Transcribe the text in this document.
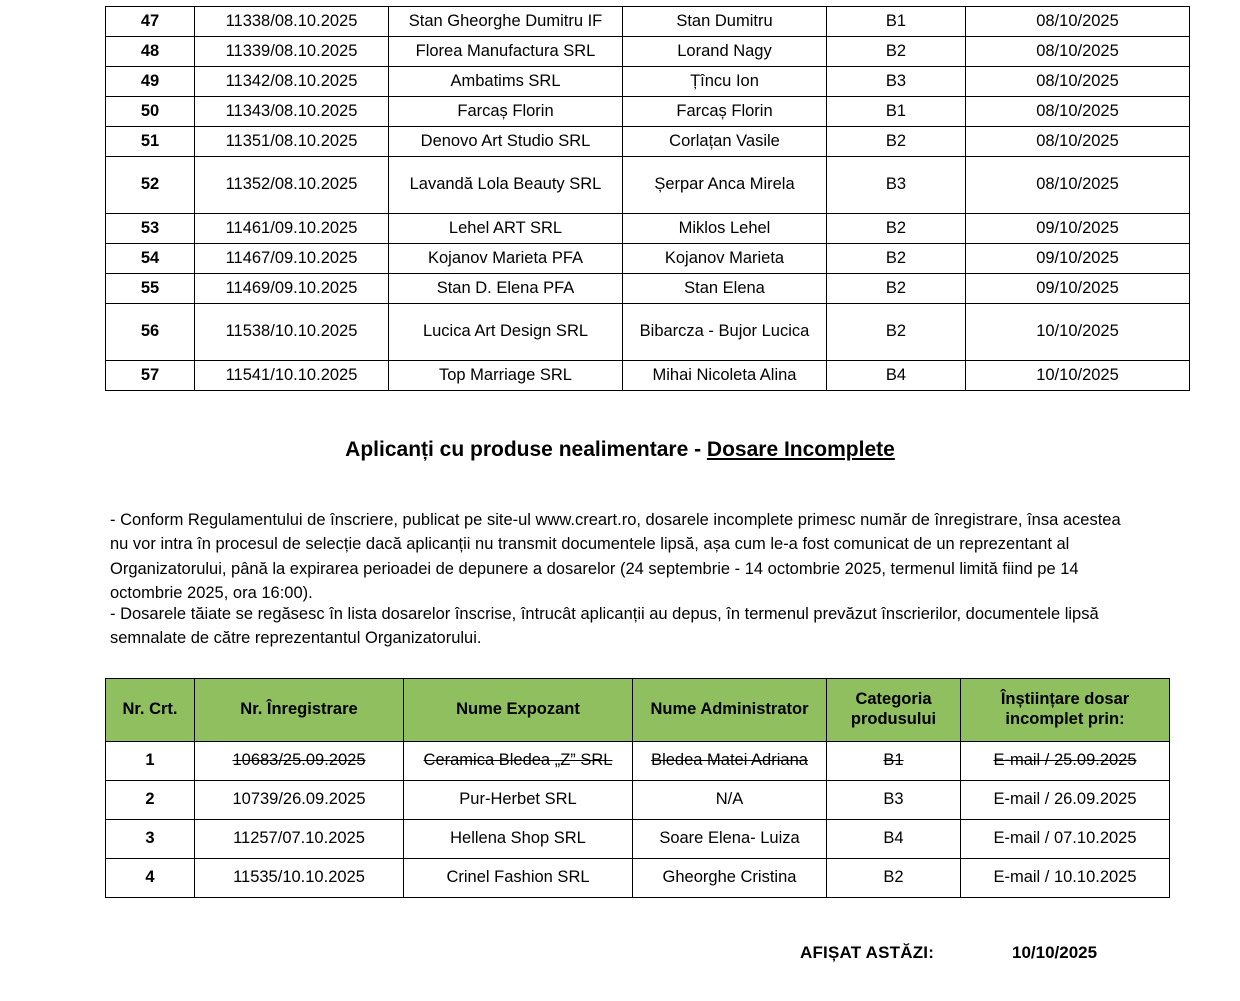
47	11338/08.10.2025	Stan Gheorghe Dumitru IF	Stan Dumitru	B1	08/10/2025
48	11339/08.10.2025	Florea Manufactura SRL	Lorand Nagy	B2	08/10/2025
49	11342/08.10.2025	Ambatims SRL	Țîncu Ion	B3	08/10/2025
50	11343/08.10.2025	Farcaș Florin	Farcaș Florin	B1	08/10/2025
51	11351/08.10.2025	Denovo Art Studio SRL	Corlațan Vasile	B2	08/10/2025
52	11352/08.10.2025	Lavandă Lola Beauty SRL	Șerpar Anca Mirela	B3	08/10/2025
53	11461/09.10.2025	Lehel ART SRL	Miklos Lehel	B2	09/10/2025
54	11467/09.10.2025	Kojanov Marieta PFA	Kojanov Marieta	B2	09/10/2025
55	11469/09.10.2025	Stan D. Elena PFA	Stan Elena	B2	09/10/2025
56	11538/10.10.2025	Lucica Art Design SRL	Bibarcza - Bujor Lucica	B2	10/10/2025
57	11541/10.10.2025	Top Marriage SRL	Mihai Nicoleta Alina	B4	10/10/2025
Aplicanți cu produse nealimentare - Dosare Incomplete
- Conform Regulamentului de înscriere, publicat pe site-ul www.creart.ro, dosarele incomplete primesc număr de înregistrare, însa acestea nu vor intra în procesul de selecție dacă aplicanții nu transmit documentele lipsă, așa cum le-a fost comunicat de un reprezentant al Organizatorului, până la expirarea perioadei de depunere a dosarelor (24 septembrie - 14 octombrie 2025, termenul limită fiind pe 14 octombrie 2025, ora 16:00).
- Dosarele tăiate se regăsesc în lista dosarelor înscrise, întrucât aplicanții au depus, în termenul prevăzut înscrierilor, documentele lipsă semnalate de către reprezentantul Organizatorului.
Nr. Crt.	Nr. Înregistrare	Nume Expozant	Nume Administrator	Categoria produsului	Înștiințare dosar incomplet prin:
1	10683/25.09.2025	Ceramica Bledea „Z” SRL	Bledea Matei Adriana	B1	E-mail / 25.09.2025
2	10739/26.09.2025	Pur-Herbet SRL	N/A	B3	E-mail / 26.09.2025
3	11257/07.10.2025	Hellena Shop SRL	Soare Elena- Luiza	B4	E-mail / 07.10.2025
4	11535/10.10.2025	Crinel Fashion SRL	Gheorghe Cristina	B2	E-mail / 10.10.2025
AFIȘAT ASTĂZI:	10/10/2025
